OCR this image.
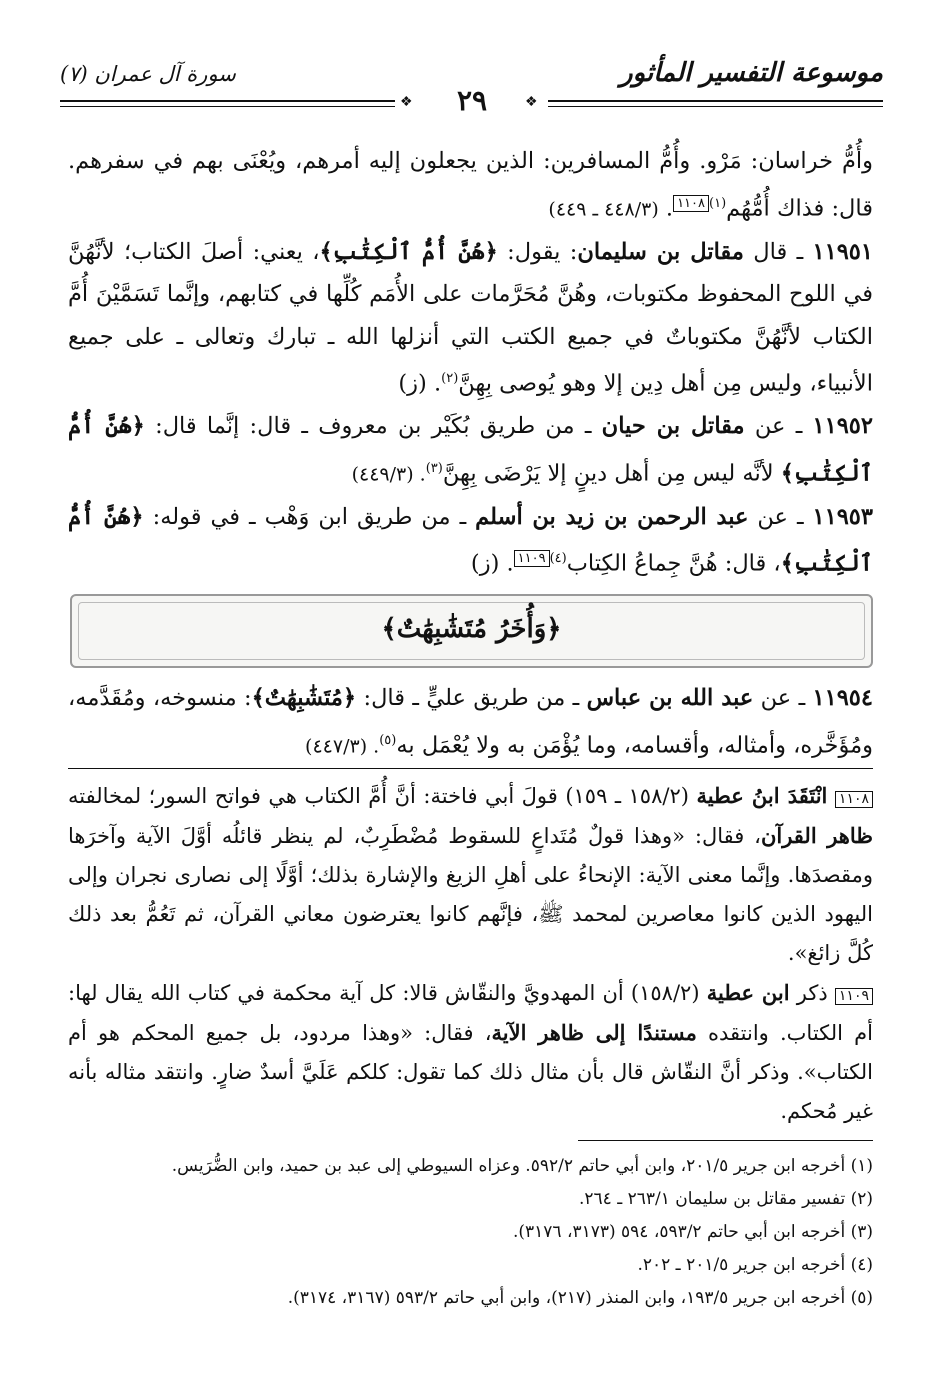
موسوعة التفسير المأثور
سورة آل عمران (٧)
❖	❖
٢٩

وأُمُّ خراسان: مَرْو. وأُمُّ المسافرين: الذين يجعلون إليه أمرهم، ويُعْنَى بهم في سفرهم. قال: فذاك أُمُّهُم$^{(١)}$١١٠٨. (٤٤٨/٣ ـ ٤٤٩)

١١٩٥١ ـ قال مقاتل بن سليمان: يقول: ﴿هُنَّ أُمُّ ٱلْكِتَٰبِ﴾، يعني: أصلَ الكتاب؛ لأنَّهُنَّ في اللوح المحفوظ مكتوبات، وهُنَّ مُحَرَّمات على الأُمَم كُلِّها في كتابهم، وإنَّما تَسَمَّيْنَ أُمَّ الكتاب لأنَّهُنَّ مكتوباتٌ في جميع الكتب التي أنزلها الله ـ تبارك وتعالى ـ على جميع الأنبياء، وليس مِن أهل دِين إلا وهو يُوصى بِهِنَّ$^{(٢)}$. (ز)

١١٩٥٢ ـ عن مقاتل بن حيان ـ من طريق بُكَيْر بن معروف ـ قال: إنَّما قال: ﴿هُنَّ أُمُّ ٱلْكِتَٰبِ﴾ لأنَّه ليس مِن أهل دينٍ إلا يَرْضَى بِهِنَّ$^{(٣)}$. (٤٤٩/٣)

١١٩٥٣ ـ عن عبد الرحمن بن زيد بن أسلم ـ من طريق ابن وَهْب ـ في قوله: ﴿هُنَّ أُمُّ ٱلْكِتَٰبِ﴾، قال: هُنَّ جِماعُ الكِتاب$^{(٤)}$١١٠٩. (ز)

﴿وَأُخَرُ مُتَشَٰبِهَٰتٌ﴾

١١٩٥٤ ـ عن عبد الله بن عباس ـ من طريق عليٍّ ـ قال: ﴿مُتَشَٰبِهَٰتٌ﴾: منسوخه، ومُقَدَّمه، ومُؤَخَّره، وأمثاله، وأقسامه، وما يُؤْمَن به ولا يُعْمَل به$^{(٥)}$. (٤٤٧/٣)

١١٠٨ انْتَقَدَ ابنُ عطية (١٥٨/٢ ـ ١٥٩) قولَ أبي فاختة: أنَّ أُمَّ الكتاب هي فواتح السور؛ لمخالفته ظاهر القرآن، فقال: «وهذا قولٌ مُتَداعٍ للسقوط مُضْطَرِبٌ، لم ينظر قائلُه أوَّلَ الآية وآخرَها ومقصدَها. وإنَّما معنى الآية: الإنحاءُ على أهلِ الزيغ والإشارة بذلك؛ أوَّلًا إلى نصارى نجران وإلى اليهود الذين كانوا معاصرين لمحمد ﷺ، فإنَّهم كانوا يعترضون معاني القرآن، ثم تَعُمُّ بعد ذلك كُلَّ زائغ».

١١٠٩ ذكر ابن عطية (١٥٨/٢) أن المهدويَّ والنقّاش قالا: كل آية محكمة في كتاب الله يقال لها: أم الكتاب. وانتقده مستندًا إلى ظاهر الآية، فقال: «وهذا مردود، بل جميع المحكم هو أم الكتاب». وذكر أنَّ النقّاش قال بأن مثال ذلك كما تقول: كلكم عَلَيَّ أسدٌ ضارٍ. وانتقد مثاله بأنه غير مُحكم.

(١) أخرجه ابن جرير ٢٠١/٥، وابن أبي حاتم ٥٩٢/٢. وعزاه السيوطي إلى عبد بن حميد، وابن الضُّرَيس.
(٢) تفسير مقاتل بن سليمان ٢٦٣/١ ـ ٢٦٤.
(٣) أخرجه ابن أبي حاتم ٥٩٣/٢، ٥٩٤ (٣١٧٣، ٣١٧٦).
(٤) أخرجه ابن جرير ٢٠١/٥ ـ ٢٠٢.
(٥) أخرجه ابن جرير ١٩٣/٥، وابن المنذر (٢١٧)، وابن أبي حاتم ٥٩٣/٢ (٣١٦٧، ٣١٧٤).
